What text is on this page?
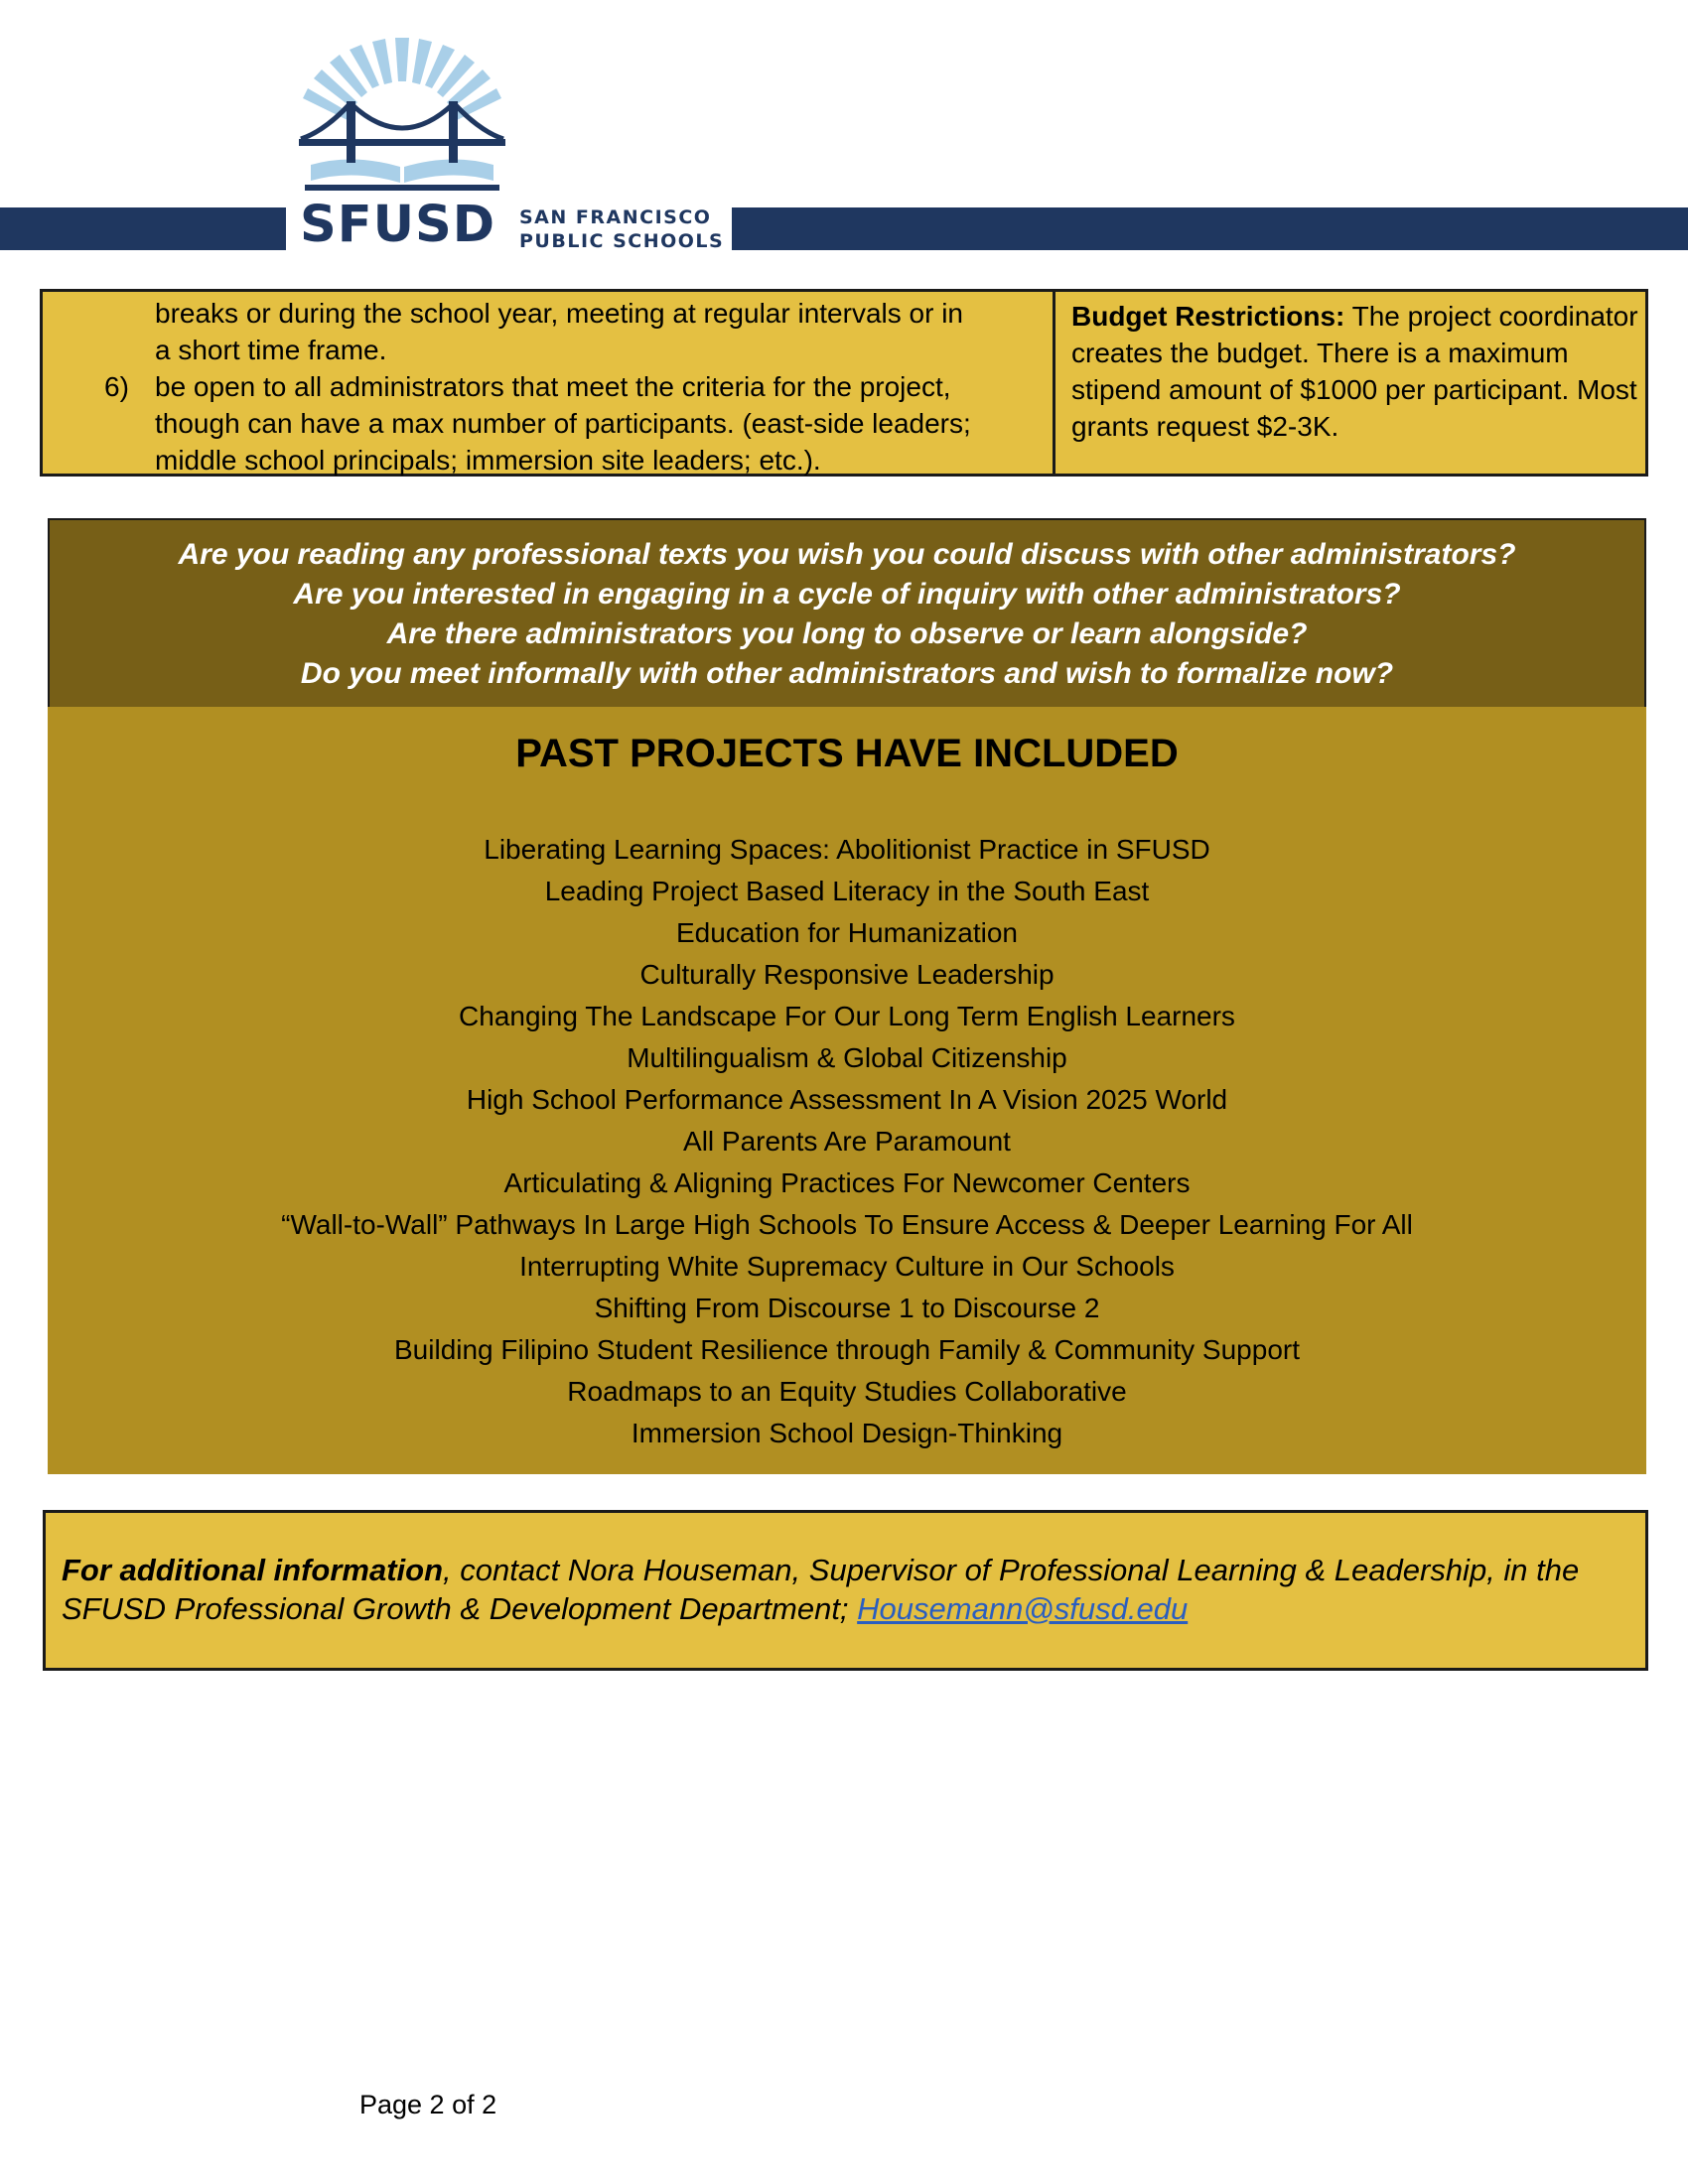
SFUSD SAN FRANCISCO
PUBLIC SCHOOLS
breaks or during the school year, meeting at regular intervals or in
a short time frame.
6) be open to all administrators that meet the criteria for the project,
though can have a max number of participants. (east-side leaders;
middle school principals; immersion site leaders; etc.).
Budget Restrictions: The project coordinator creates the budget. There is a maximum stipend amount of $1000 per participant. Most grants request $2-3K.
Are you reading any professional texts you wish you could discuss with other administrators?
Are you interested in engaging in a cycle of inquiry with other administrators?
Are there administrators you long to observe or learn alongside?
Do you meet informally with other administrators and wish to formalize now?
PAST PROJECTS HAVE INCLUDED
Liberating Learning Spaces: Abolitionist Practice in SFUSD
Leading Project Based Literacy in the South East
Education for Humanization
Culturally Responsive Leadership
Changing The Landscape For Our Long Term English Learners
Multilingualism & Global Citizenship
High School Performance Assessment In A Vision 2025 World
All Parents Are Paramount
Articulating & Aligning Practices For Newcomer Centers
“Wall-to-Wall” Pathways In Large High Schools To Ensure Access & Deeper Learning For All
Interrupting White Supremacy Culture in Our Schools
Shifting From Discourse 1 to Discourse 2
Building Filipino Student Resilience through Family & Community Support
Roadmaps to an Equity Studies Collaborative
Immersion School Design-Thinking
For additional information, contact Nora Houseman, Supervisor of Professional Learning & Leadership, in the SFUSD Professional Growth & Development Department; Housemann@sfusd.edu
Page 2 of 2
